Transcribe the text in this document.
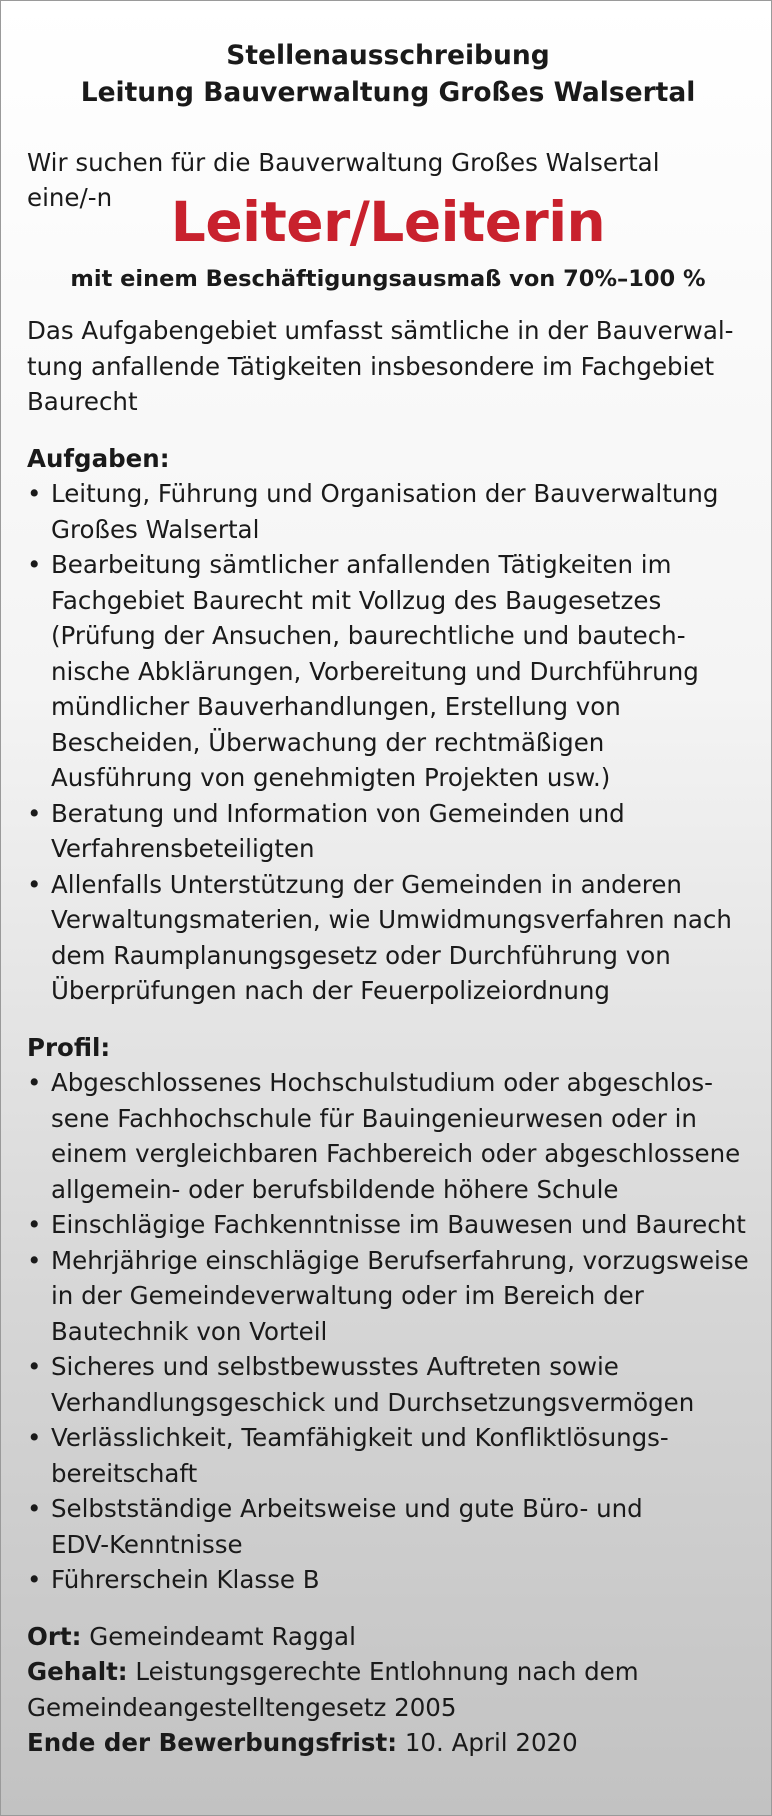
Stellenausschreibung
Leitung Bauverwaltung Großes Walsertal
Wir suchen für die Bauverwaltung Großes Walsertal
eine/-n	Leiter/Leiterin
mit einem Beschäftigungsausmaß von 70%–100 %
Das Aufgabengebiet umfasst sämtliche in der Bauverwal-
tung anfallende Tätigkeiten insbesondere im Fachgebiet
Baurecht
Aufgaben:
• Leitung, Führung und Organisation der Bauverwaltung
Großes Walsertal
• Bearbeitung sämtlicher anfallenden Tätigkeiten im
Fachgebiet Baurecht mit Vollzug des Baugesetzes
(Prüfung der Ansuchen, baurechtliche und bautech-
nische Abklärungen, Vorbereitung und Durchführung
mündlicher Bauverhandlungen, Erstellung von
Bescheiden, Überwachung der rechtmäßigen
Ausführung von genehmigten Projekten usw.)
• Beratung und Information von Gemeinden und
Verfahrensbeteiligten
• Allenfalls Unterstützung der Gemeinden in anderen
Verwaltungsmaterien, wie Umwidmungsverfahren nach
dem Raumplanungsgesetz oder Durchführung von
Überprüfungen nach der Feuerpolizeiordnung
Profil:
• Abgeschlossenes Hochschulstudium oder abgeschlos-
sene Fachhochschule für Bauingenieurwesen oder in
einem vergleichbaren Fachbereich oder abgeschlossene
allgemein- oder berufsbildende höhere Schule
• Einschlägige Fachkenntnisse im Bauwesen und Baurecht
• Mehrjährige einschlägige Berufserfahrung, vorzugsweise
in der Gemeindeverwaltung oder im Bereich der
Bautechnik von Vorteil
• Sicheres und selbstbewusstes Auftreten sowie
Verhandlungsgeschick und Durchsetzungsvermögen
• Verlässlichkeit, Teamfähigkeit und Konfliktlösungs-
bereitschaft
• Selbstständige Arbeitsweise und gute Büro- und
EDV-Kenntnisse
• Führerschein Klasse B
Ort: Gemeindeamt Raggal
Gehalt: Leistungsgerechte Entlohnung nach dem
Gemeindeangestelltengesetz 2005
Ende der Bewerbungsfrist: 10. April 2020
